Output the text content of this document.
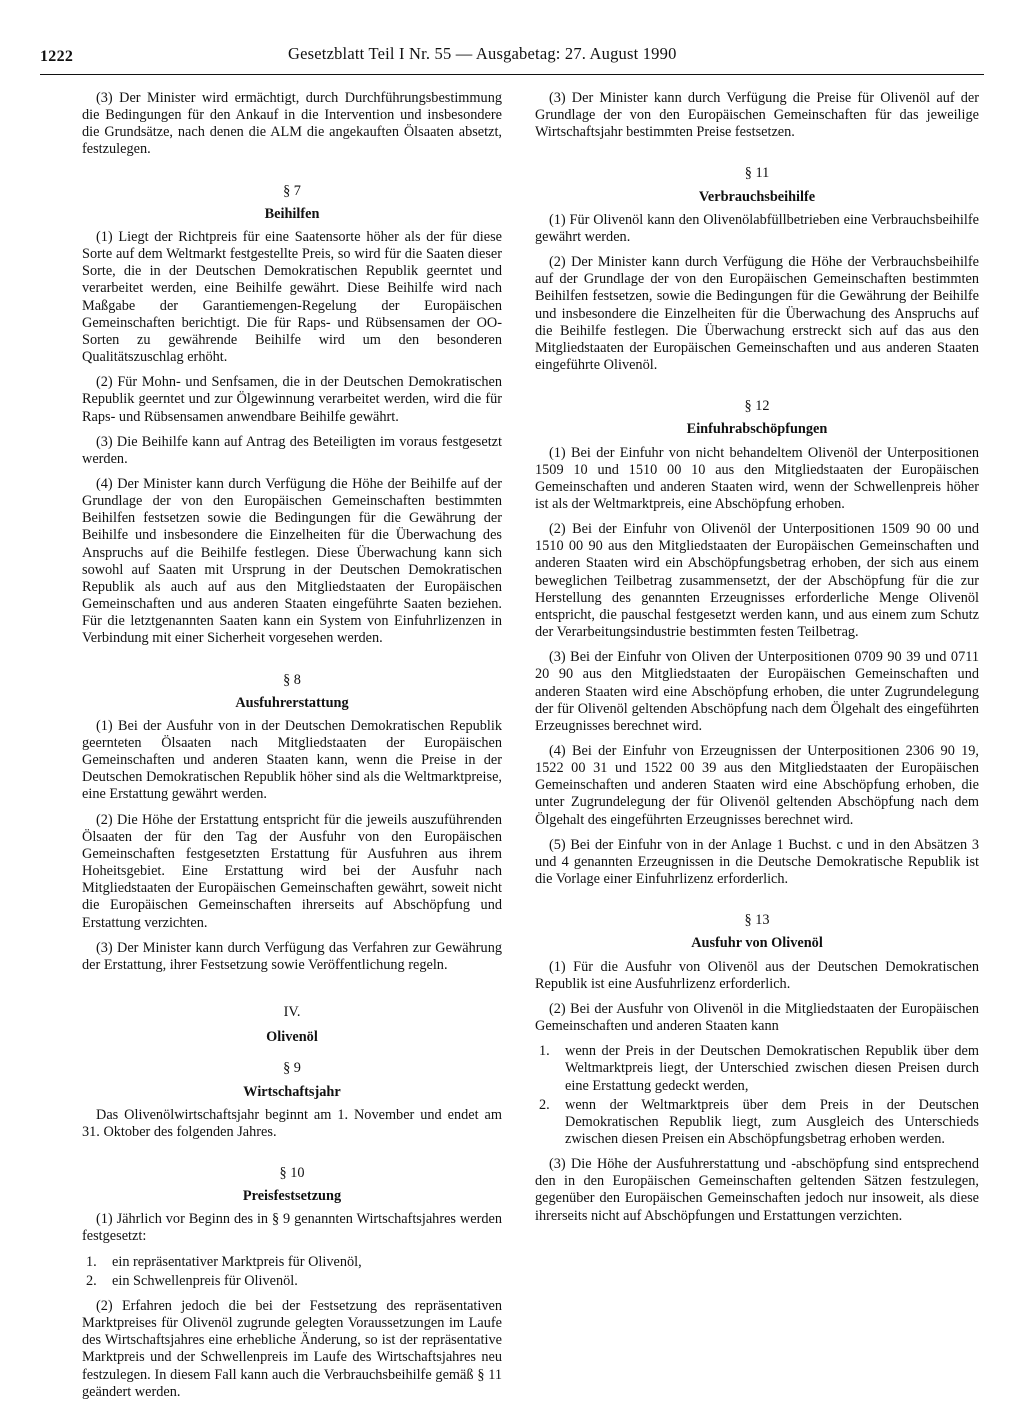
1222	Gesetzblatt Teil I Nr. 55 — Ausgabetag: 27. August 1990

(3) Der Minister wird ermächtigt, durch Durchführungsbestimmung die Bedingungen für den Ankauf in die Intervention und insbesondere die Grundsätze, nach denen die ALM die angekauften Ölsaaten absetzt, festzulegen.

§ 7
Beihilfen

(1) Liegt der Richtpreis für eine Saatensorte höher als der für diese Sorte auf dem Weltmarkt festgestellte Preis, so wird für die Saaten dieser Sorte, die in der Deutschen Demokratischen Republik geerntet und verarbeitet werden, eine Beihilfe gewährt. Diese Beihilfe wird nach Maßgabe der Garantiemengen-Regelung der Europäischen Gemeinschaften berichtigt. Die für Raps- und Rübsensamen der OO-Sorten zu gewährende Beihilfe wird um den besonderen Qualitätszuschlag erhöht.

(2) Für Mohn- und Senfsamen, die in der Deutschen Demokratischen Republik geerntet und zur Ölgewinnung verarbeitet werden, wird die für Raps- und Rübsensamen anwendbare Beihilfe gewährt.

(3) Die Beihilfe kann auf Antrag des Beteiligten im voraus festgesetzt werden.

(4) Der Minister kann durch Verfügung die Höhe der Beihilfe auf der Grundlage der von den Europäischen Gemeinschaften bestimmten Beihilfen festsetzen sowie die Bedingungen für die Gewährung der Beihilfe und insbesondere die Einzelheiten für die Überwachung des Anspruchs auf die Beihilfe festlegen. Diese Überwachung kann sich sowohl auf Saaten mit Ursprung in der Deutschen Demokratischen Republik als auch auf aus den Mitgliedstaaten der Europäischen Gemeinschaften und aus anderen Staaten eingeführte Saaten beziehen. Für die letztgenannten Saaten kann ein System von Einfuhrlizenzen in Verbindung mit einer Sicherheit vorgesehen werden.

§ 8
Ausfuhrerstattung

(1) Bei der Ausfuhr von in der Deutschen Demokratischen Republik geernteten Ölsaaten nach Mitgliedstaaten der Europäischen Gemeinschaften und anderen Staaten kann, wenn die Preise in der Deutschen Demokratischen Republik höher sind als die Weltmarktpreise, eine Erstattung gewährt werden.

(2) Die Höhe der Erstattung entspricht für die jeweils auszuführenden Ölsaaten der für den Tag der Ausfuhr von den Europäischen Gemeinschaften festgesetzten Erstattung für Ausfuhren aus ihrem Hoheitsgebiet. Eine Erstattung wird bei der Ausfuhr nach Mitgliedstaaten der Europäischen Gemeinschaften gewährt, soweit nicht die Europäischen Gemeinschaften ihrerseits auf Abschöpfung und Erstattung verzichten.

(3) Der Minister kann durch Verfügung das Verfahren zur Gewährung der Erstattung, ihrer Festsetzung sowie Veröffentlichung regeln.

IV.
Olivenöl
§ 9
Wirtschaftsjahr

Das Olivenölwirtschaftsjahr beginnt am 1. November und endet am 31. Oktober des folgenden Jahres.

§ 10
Preisfestsetzung

(1) Jährlich vor Beginn des in § 9 genannten Wirtschaftsjahres werden festgesetzt:

1.	ein repräsentativer Marktpreis für Olivenöl,
2.	ein Schwellenpreis für Olivenöl.

(2) Erfahren jedoch die bei der Festsetzung des repräsentativen Marktpreises für Olivenöl zugrunde gelegten Voraussetzungen im Laufe des Wirtschaftsjahres eine erhebliche Änderung, so ist der repräsentative Marktpreis und der Schwellenpreis im Laufe des Wirtschaftsjahres neu festzulegen. In diesem Fall kann auch die Verbrauchsbeihilfe gemäß § 11 geändert werden.

(3) Der Minister kann durch Verfügung die Preise für Olivenöl auf der Grundlage der von den Europäischen Gemeinschaften für das jeweilige Wirtschaftsjahr bestimmten Preise festsetzen.

§ 11
Verbrauchsbeihilfe

(1) Für Olivenöl kann den Olivenölabfüllbetrieben eine Verbrauchsbeihilfe gewährt werden.

(2) Der Minister kann durch Verfügung die Höhe der Verbrauchsbeihilfe auf der Grundlage der von den Europäischen Gemeinschaften bestimmten Beihilfen festsetzen, sowie die Bedingungen für die Gewährung der Beihilfe und insbesondere die Einzelheiten für die Überwachung des Anspruchs auf die Beihilfe festlegen. Die Überwachung erstreckt sich auf das aus den Mitgliedstaaten der Europäischen Gemeinschaften und aus anderen Staaten eingeführte Olivenöl.

§ 12
Einfuhrabschöpfungen

(1) Bei der Einfuhr von nicht behandeltem Olivenöl der Unterpositionen 1509 10 und 1510 00 10 aus den Mitgliedstaaten der Europäischen Gemeinschaften und anderen Staaten wird, wenn der Schwellenpreis höher ist als der Weltmarktpreis, eine Abschöpfung erhoben.

(2) Bei der Einfuhr von Olivenöl der Unterpositionen 1509 90 00 und 1510 00 90 aus den Mitgliedstaaten der Europäischen Gemeinschaften und anderen Staaten wird ein Abschöpfungsbetrag erhoben, der sich aus einem beweglichen Teilbetrag zusammensetzt, der der Abschöpfung für die zur Herstellung des genannten Erzeugnisses erforderliche Menge Olivenöl entspricht, die pauschal festgesetzt werden kann, und aus einem zum Schutz der Verarbeitungsindustrie bestimmten festen Teilbetrag.

(3) Bei der Einfuhr von Oliven der Unterpositionen 0709 90 39 und 0711 20 90 aus den Mitgliedstaaten der Europäischen Gemeinschaften und anderen Staaten wird eine Abschöpfung erhoben, die unter Zugrundelegung der für Olivenöl geltenden Abschöpfung nach dem Ölgehalt des eingeführten Erzeugnisses berechnet wird.

(4) Bei der Einfuhr von Erzeugnissen der Unterpositionen 2306 90 19, 1522 00 31 und 1522 00 39 aus den Mitgliedstaaten der Europäischen Gemeinschaften und anderen Staaten wird eine Abschöpfung erhoben, die unter Zugrundelegung der für Olivenöl geltenden Abschöpfung nach dem Ölgehalt des eingeführten Erzeugnisses berechnet wird.

(5) Bei der Einfuhr von in der Anlage 1 Buchst. c und in den Absätzen 3 und 4 genannten Erzeugnissen in die Deutsche Demokratische Republik ist die Vorlage einer Einfuhrlizenz erforderlich.

§ 13
Ausfuhr von Olivenöl

(1) Für die Ausfuhr von Olivenöl aus der Deutschen Demokratischen Republik ist eine Ausfuhrlizenz erforderlich.

(2) Bei der Ausfuhr von Olivenöl in die Mitgliedstaaten der Europäischen Gemeinschaften und anderen Staaten kann

1.	wenn der Preis in der Deutschen Demokratischen Republik über dem Weltmarktpreis liegt, der Unterschied zwischen diesen Preisen durch eine Erstattung gedeckt werden,
2.	wenn der Weltmarktpreis über dem Preis in der Deutschen Demokratischen Republik liegt, zum Ausgleich des Unterschieds zwischen diesen Preisen ein Abschöpfungsbetrag erhoben werden.

(3) Die Höhe der Ausfuhrerstattung und -abschöpfung sind entsprechend den in den Europäischen Gemeinschaften geltenden Sätzen festzulegen, gegenüber den Europäischen Gemeinschaften jedoch nur insoweit, als diese ihrerseits nicht auf Abschöpfungen und Erstattungen verzichten.
